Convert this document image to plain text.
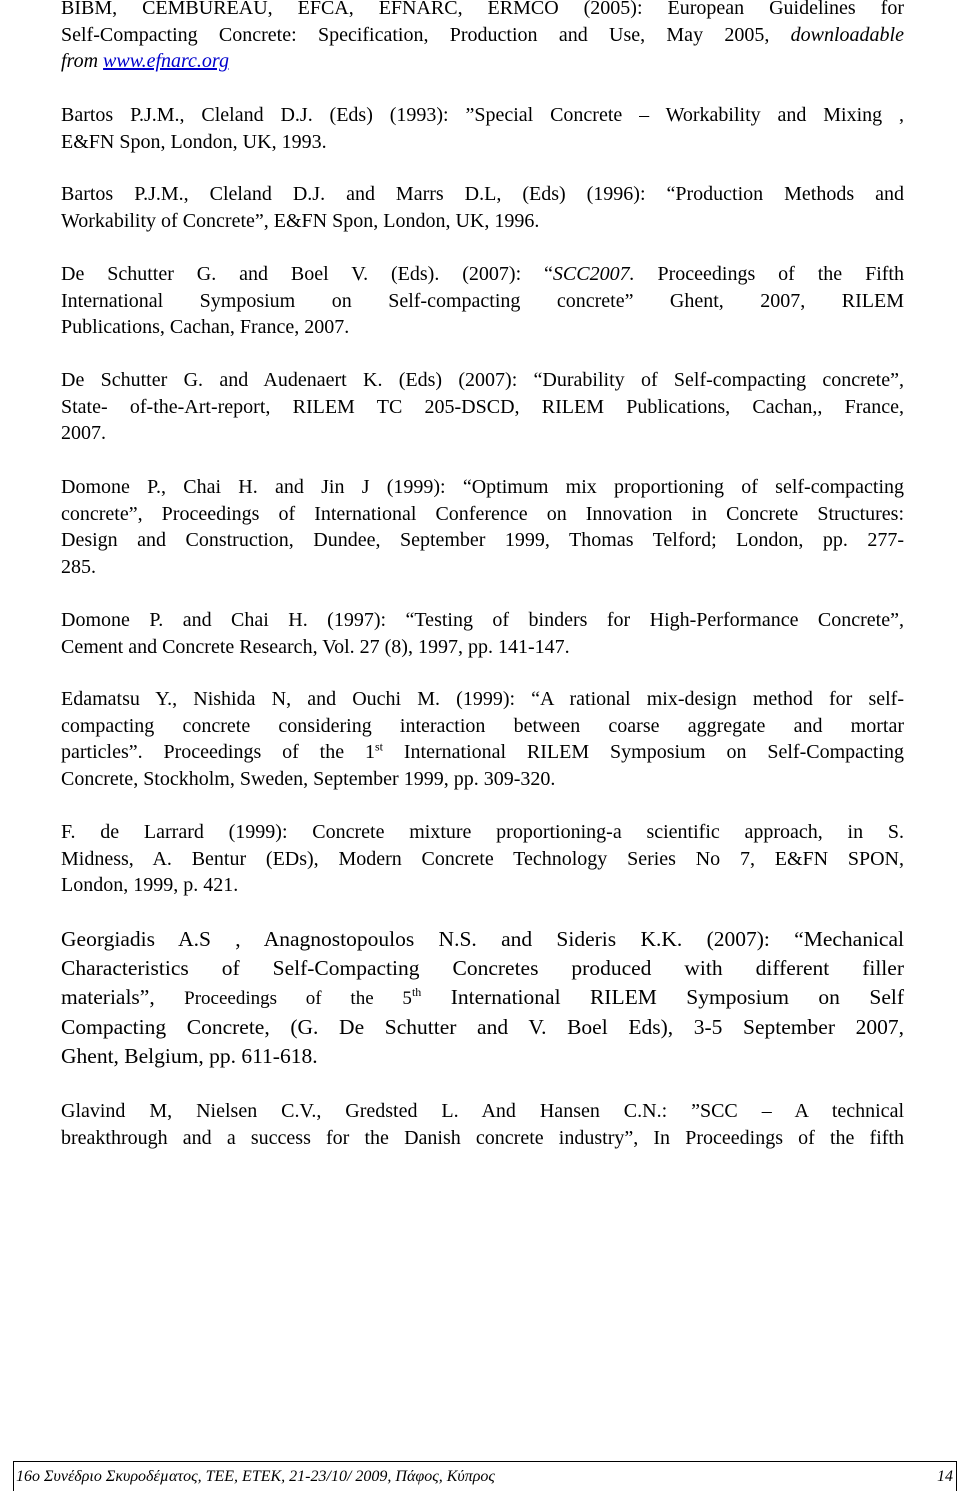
BIBM, CEMBUREAU, EFCA, EFNARC, ERMCO (2005): European Guidelines for
Self-Compacting Concrete: Specification, Production and Use, May 2005, downloadable
from www.efnarc.org
Bartos P.J.M., Cleland D.J. (Eds) (1993): ”Special Concrete – Workability and Mixing ,
E&FN Spon, London, UK, 1993.
Bartos P.J.M., Cleland D.J. and Marrs D.L, (Eds) (1996): “Production Methods and
Workability of Concrete”, E&FN Spon, London, UK, 1996.
De Schutter G. and Boel V. (Eds). (2007): “SCC2007. Proceedings of the Fifth
International Symposium on Self-compacting concrete” Ghent, 2007, RILEM
Publications, Cachan, France, 2007.
De Schutter G. and Audenaert K. (Eds) (2007): “Durability of Self-compacting concrete”,
State- of-the-Art-report, RILEM TC 205-DSCD, RILEM Publications, Cachan,, France,
2007.
Domone P., Chai H. and Jin J (1999): “Optimum mix proportioning of self-compacting
concrete”, Proceedings of International Conference on Innovation in Concrete Structures:
Design and Construction, Dundee, September 1999, Thomas Telford; London, pp. 277-
285.
Domone P. and Chai H. (1997): “Testing of binders for High-Performance Concrete”,
Cement and Concrete Research, Vol. 27 (8), 1997, pp. 141-147.
Edamatsu Y., Nishida N, and Ouchi M. (1999): “A rational mix-design method for self-
compacting concrete considering interaction between coarse aggregate and mortar
particles”. Proceedings of the 1st International RILEM Symposium on Self-Compacting
Concrete, Stockholm, Sweden, September 1999, pp. 309-320.
F. de Larrard (1999): Concrete mixture proportioning-a scientific approach, in S.
Midness, A. Bentur (EDs), Modern Concrete Technology Series No 7, E&FN SPON,
London, 1999, p. 421.
Georgiadis A.S , Anagnostopoulos N.S. and Sideris K.K. (2007): “Mechanical
Characteristics of Self-Compacting Concretes produced with different filler
materials”, Proceedings of the 5th International RILEM Symposium on Self
Compacting Concrete, (G. De Schutter and V. Boel Eds), 3-5 September 2007,
Ghent, Belgium, pp. 611-618.
Glavind M, Nielsen C.V., Gredsted L. And Hansen C.N.: ”SCC – A technical
breakthrough and a success for the Danish concrete industry”, In Proceedings of the fifth
16ο Συνέδριο Σκυροδέµατος, ΤΕΕ, ΕΤΕΚ, 21-23/10/ 2009, Πάφος, Κύπρος	14
